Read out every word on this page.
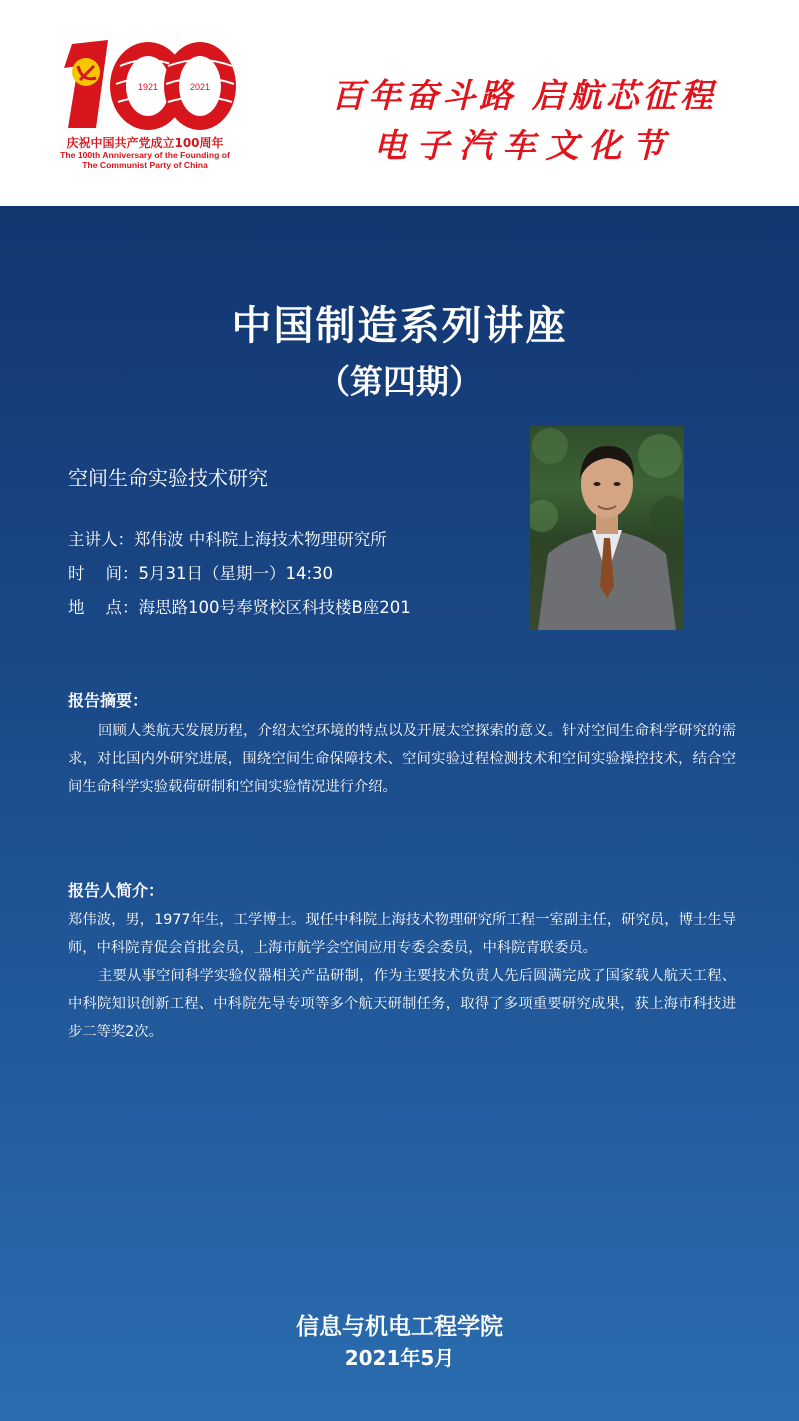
1921	2021
庆祝中国共产党成立100周年
The 100th Anniversary of the Founding of
The Communist Party of China
百年奋斗路 启航芯征程
电子汽车文化节
中国制造系列讲座
（第四期）
空间生命实验技术研究
主讲人：郑伟波 中科院上海技术物理研究所
时    间：5月31日（星期一）14:30
地    点：海思路100号奉贤校区科技楼B座201
报告摘要：
回顾人类航天发展历程，介绍太空环境的特点以及开展太空探索的意义。针对空间生命科学研究的需求，对比国内外研究进展，围绕空间生命保障技术、空间实验过程检测技术和空间实验操控技术，结合空间生命科学实验载荷研制和空间实验情况进行介绍。
报告人简介：
郑伟波，男，1977年生，工学博士。现任中科院上海技术物理研究所工程一室副主任，研究员，博士生导师，中科院青促会首批会员，上海市航学会空间应用专委会委员，中科院青联委员。
主要从事空间科学实验仪器相关产品研制，作为主要技术负责人先后圆满完成了国家载人航天工程、中科院知识创新工程、中科院先导专项等多个航天研制任务，取得了多项重要研究成果，获上海市科技进步二等奖2次。
信息与机电工程学院
2021年5月
